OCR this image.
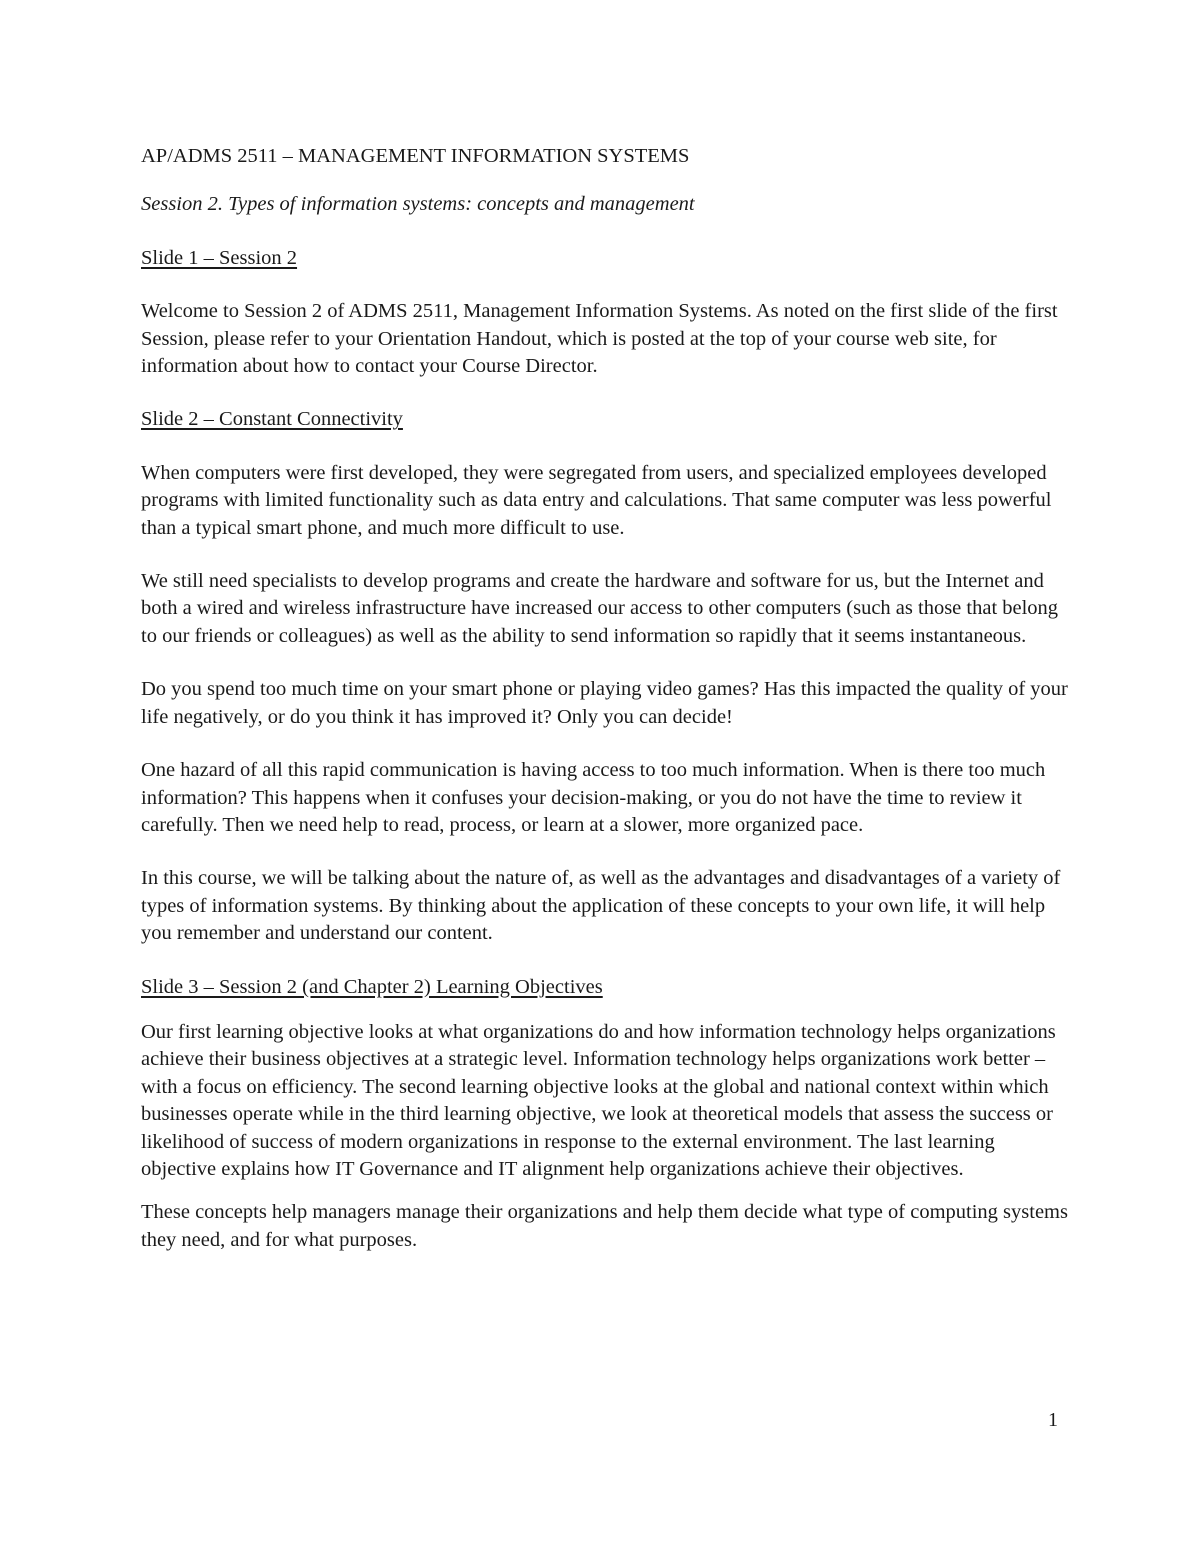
AP/ADMS 2511 – MANAGEMENT INFORMATION SYSTEMS
Session 2. Types of information systems: concepts and management
Slide 1 – Session 2

Welcome to Session 2 of ADMS 2511, Management Information Systems. As noted on the first slide of the first Session, please refer to your Orientation Handout, which is posted at the top of your course web site, for information about how to contact your Course Director.

Slide 2 – Constant Connectivity

When computers were first developed, they were segregated from users, and specialized employees developed programs with limited functionality such as data entry and calculations. That same computer was less powerful than a typical smart phone, and much more difficult to use.

We still need specialists to develop programs and create the hardware and software for us, but the Internet and both a wired and wireless infrastructure have increased our access to other computers (such as those that belong to our friends or colleagues) as well as the ability to send information so rapidly that it seems instantaneous.

Do you spend too much time on your smart phone or playing video games? Has this impacted the quality of your life negatively, or do you think it has improved it? Only you can decide!

One hazard of all this rapid communication is having access to too much information. When is there too much information? This happens when it confuses your decision-making, or you do not have the time to review it carefully. Then we need help to read, process, or learn at a slower, more organized pace.

In this course, we will be talking about the nature of, as well as the advantages and disadvantages of a variety of types of information systems. By thinking about the application of these concepts to your own life, it will help you remember and understand our content.

Slide 3 – Session 2 (and Chapter 2) Learning Objectives

Our first learning objective looks at what organizations do and how information technology helps organizations achieve their business objectives at a strategic level. Information technology helps organizations work better – with a focus on efficiency. The second learning objective looks at the global and national context within which businesses operate while in the third learning objective, we look at theoretical models that assess the success or likelihood of success of modern organizations in response to the external environment. The last learning objective explains how IT Governance and IT alignment help organizations achieve their objectives.

These concepts help managers manage their organizations and help them decide what type of computing systems they need, and for what purposes.

1
